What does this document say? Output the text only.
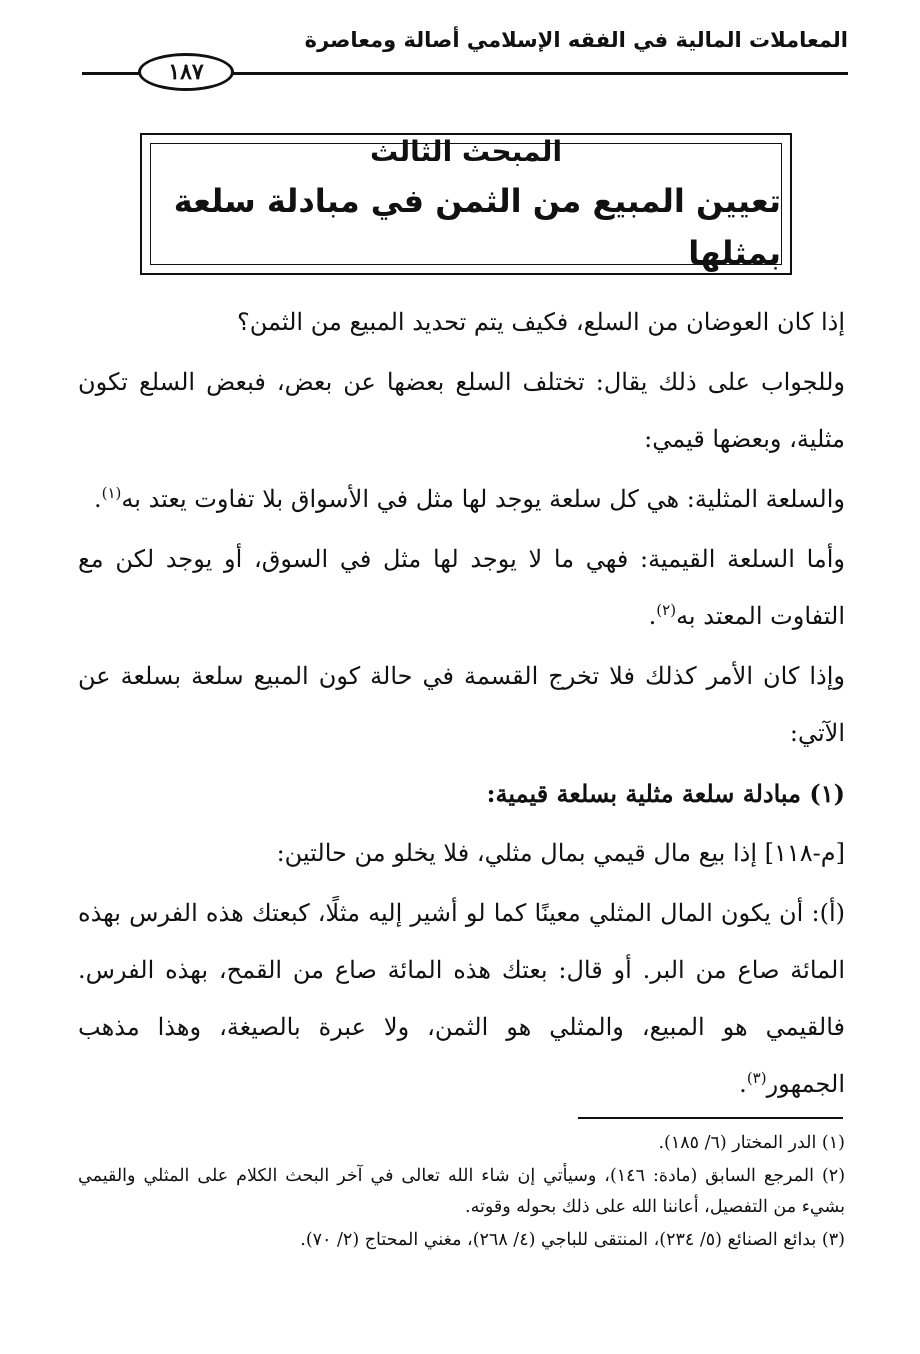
المعاملات المالية في الفقه الإسلامي أصالة ومعاصرة
١٨٧
المبحث الثالث
تعيين المبيع من الثمن في مبادلة سلعة بمثلها

إذا كان العوضان من السلع، فكيف يتم تحديد المبيع من الثمن؟

وللجواب على ذلك يقال: تختلف السلع بعضها عن بعض، فبعض السلع تكون مثلية، وبعضها قيمي:

والسلعة المثلية: هي كل سلعة يوجد لها مثل في الأسواق بلا تفاوت يعتد به$^{(١)}$.

وأما السلعة القيمية: فهي ما لا يوجد لها مثل في السوق، أو يوجد لكن مع التفاوت المعتد به$^{(٢)}$.

وإذا كان الأمر كذلك فلا تخرج القسمة في حالة كون المبيع سلعة بسلعة عن الآتي:

(١) مبادلة سلعة مثلية بسلعة قيمية:

[م-١١٨] إذا بيع مال قيمي بمال مثلي، فلا يخلو من حالتين:

(أ): أن يكون المال المثلي معينًا كما لو أشير إليه مثلًا، كبعتك هذه الفرس بهذه المائة صاع من البر. أو قال: بعتك هذه المائة صاع من القمح، بهذه الفرس. فالقيمي هو المبيع، والمثلي هو الثمن، ولا عبرة بالصيغة، وهذا مذهب الجمهور$^{(٣)}$.

(١) الدر المختار (٦/ ١٨٥).

(٢) المرجع السابق (مادة: ١٤٦)، وسيأتي إن شاء الله تعالى في آخر البحث الكلام على المثلي والقيمي بشيء من التفصيل، أعاننا الله على ذلك بحوله وقوته.

(٣) بدائع الصنائع (٥/ ٢٣٤)، المنتقى للباجي (٤/ ٢٦٨)، مغني المحتاج (٢/ ٧٠).
